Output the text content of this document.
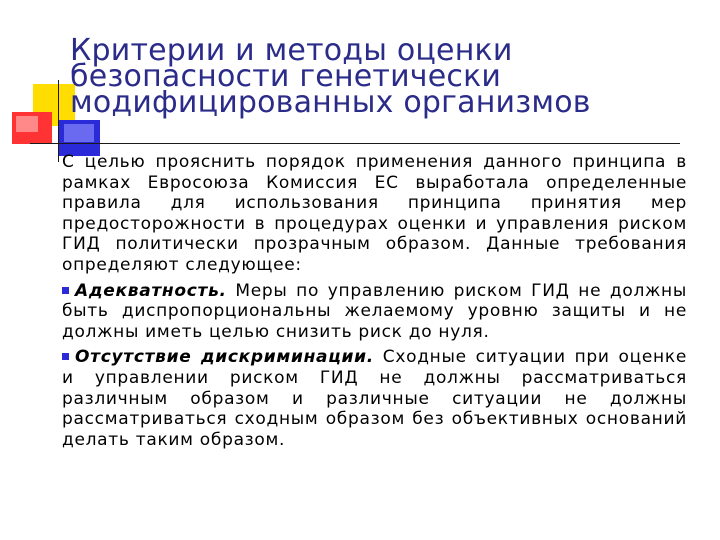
Критерии и методы оценки
безопасности генетически
модифицированных организмов

С целью прояснить порядок применения данного принципа в рамках Евросоюза Комиссия ЕС выработала определенные правила для использования принципа принятия мер предосторожности в процедурах оценки и управления риском ГИД политически прозрачным образом. Данные требования определяют следующее:

Адекватность. Меры по управлению риском ГИД не должны быть диспропорциональны желаемому уровню защиты и не должны иметь целью снизить риск до нуля.

Отсутствие дискриминации. Сходные ситуации при оценке и управлении риском ГИД не должны рассматриваться различным образом и различные ситуации не должны рассматриваться сходным образом без объективных оснований делать таким образом.
